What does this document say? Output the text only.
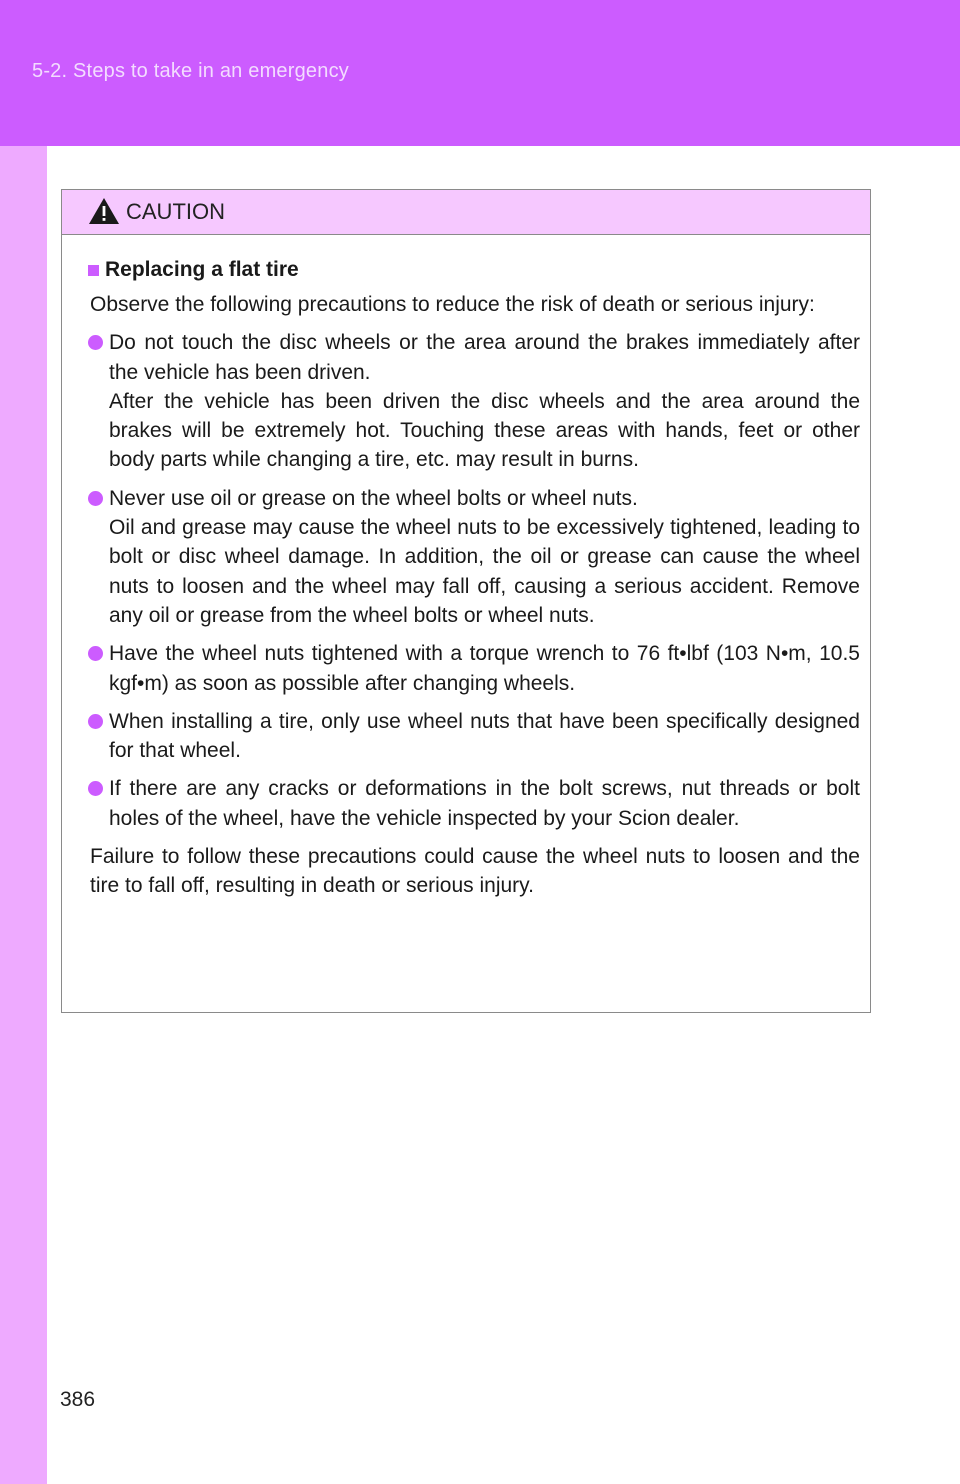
5-2. Steps to take in an emergency
CAUTION
Replacing a flat tire

Observe the following precautions to reduce the risk of death or serious injury:

Do not touch the disc wheels or the area around the brakes immediately after the vehicle has been driven.
After the vehicle has been driven the disc wheels and the area around the brakes will be extremely hot. Touching these areas with hands, feet or other body parts while changing a tire, etc. may result in burns.
Never use oil or grease on the wheel bolts or wheel nuts.
Oil and grease may cause the wheel nuts to be excessively tightened, leading to bolt or disc wheel damage. In addition, the oil or grease can cause the wheel nuts to loosen and the wheel may fall off, causing a serious accident. Remove any oil or grease from the wheel bolts or wheel nuts.
Have the wheel nuts tightened with a torque wrench to 76 ft•lbf (103 N•m, 10.5 kgf•m) as soon as possible after changing wheels.
When installing a tire, only use wheel nuts that have been specifically designed for that wheel.
If there are any cracks or deformations in the bolt screws, nut threads or bolt holes of the wheel, have the vehicle inspected by your Scion dealer.

Failure to follow these precautions could cause the wheel nuts to loosen and the tire to fall off, resulting in death or serious injury.

386
